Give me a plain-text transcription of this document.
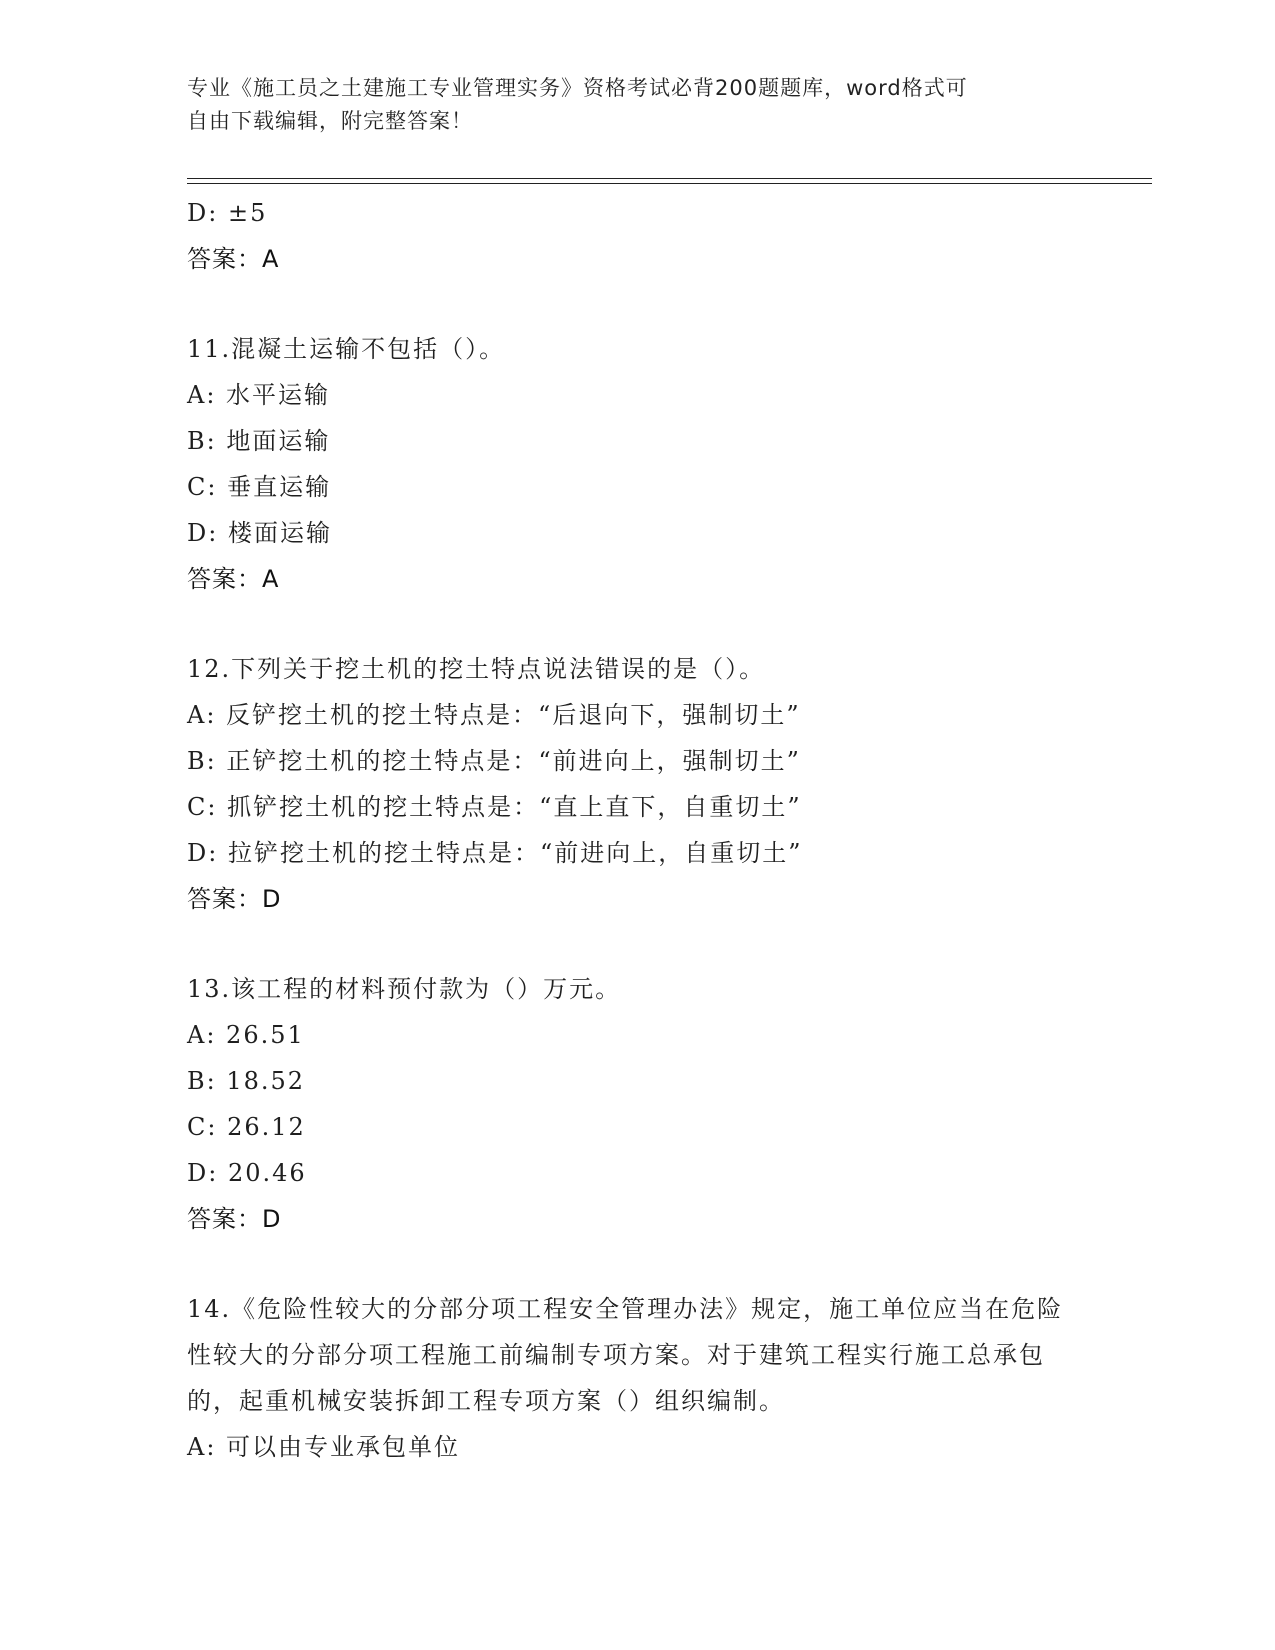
专业《施工员之土建施工专业管理实务》资格考试必背200题题库，word格式可
自由下载编辑，附完整答案！
D: ±5
答案：A
11.混凝土运输不包括（）。
A: 水平运输
B: 地面运输
C: 垂直运输
D: 楼面运输
答案：A
12.下列关于挖土机的挖土特点说法错误的是（）。
A: 反铲挖土机的挖土特点是：“后退向下，强制切土”
B: 正铲挖土机的挖土特点是：“前进向上，强制切土”
C: 抓铲挖土机的挖土特点是：“直上直下，自重切土”
D: 拉铲挖土机的挖土特点是：“前进向上，自重切土”
答案：D
13.该工程的材料预付款为（）万元。
A: 26.51
B: 18.52
C: 26.12
D: 20.46
答案：D
14.《危险性较大的分部分项工程安全管理办法》规定，施工单位应当在危险性较大的分部分项工程施工前编制专项方案。对于建筑工程实行施工总承包的，起重机械安装拆卸工程专项方案（）组织编制。
A: 可以由专业承包单位
